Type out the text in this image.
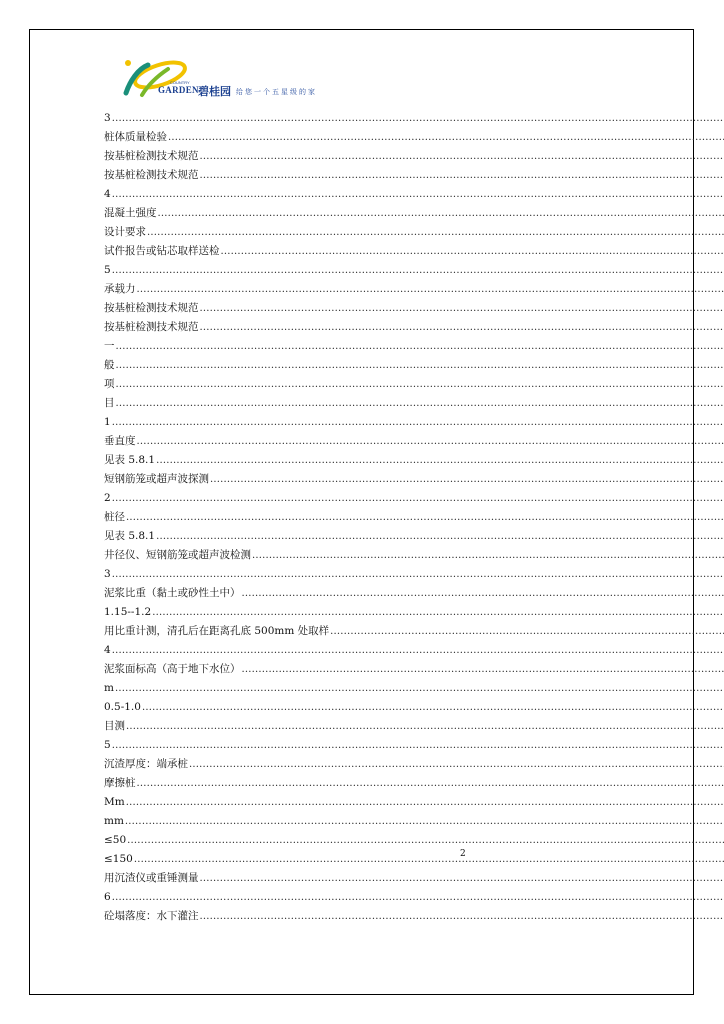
COUNTRY
GARDEN 碧桂园 给您一个五星级的家
3 .....
桩体质量检验 .....
按基桩检测技术规范 .....
按基桩检测技术规范 .....
4 .....
混凝土强度 .....
设计要求 .....
试件报告或钻芯取样送检 .....
5 .....
承载力 .....
按基桩检测技术规范 .....
按基桩检测技术规范 .....
一 .....
般 .....
项 .....
目 .....
1 .....
垂直度 .....
见表 5.8.1 .....
短钢筋笼或超声波探测 .....
2 .....
桩径 .....
见表 5.8.1 .....
井径仪、短钢筋笼或超声波检测 .....
3 .....
泥浆比重（黏土或砂性土中） .....
1.15--1.2 .....
用比重计测，清孔后在距离孔底 500mm 处取样 .....
4 .....
泥浆面标高（高于地下水位） .....
m .....
0.5-1.0 .....
目测 .....
5 .....
沉渣厚度：端承桩 .....
摩擦桩 .....
Mm .....
mm .....
≤50 .....
≤150 .....
用沉渣仪或重锤测量 .....
6 .....
砼塌落度：水下灌注 .....
2
